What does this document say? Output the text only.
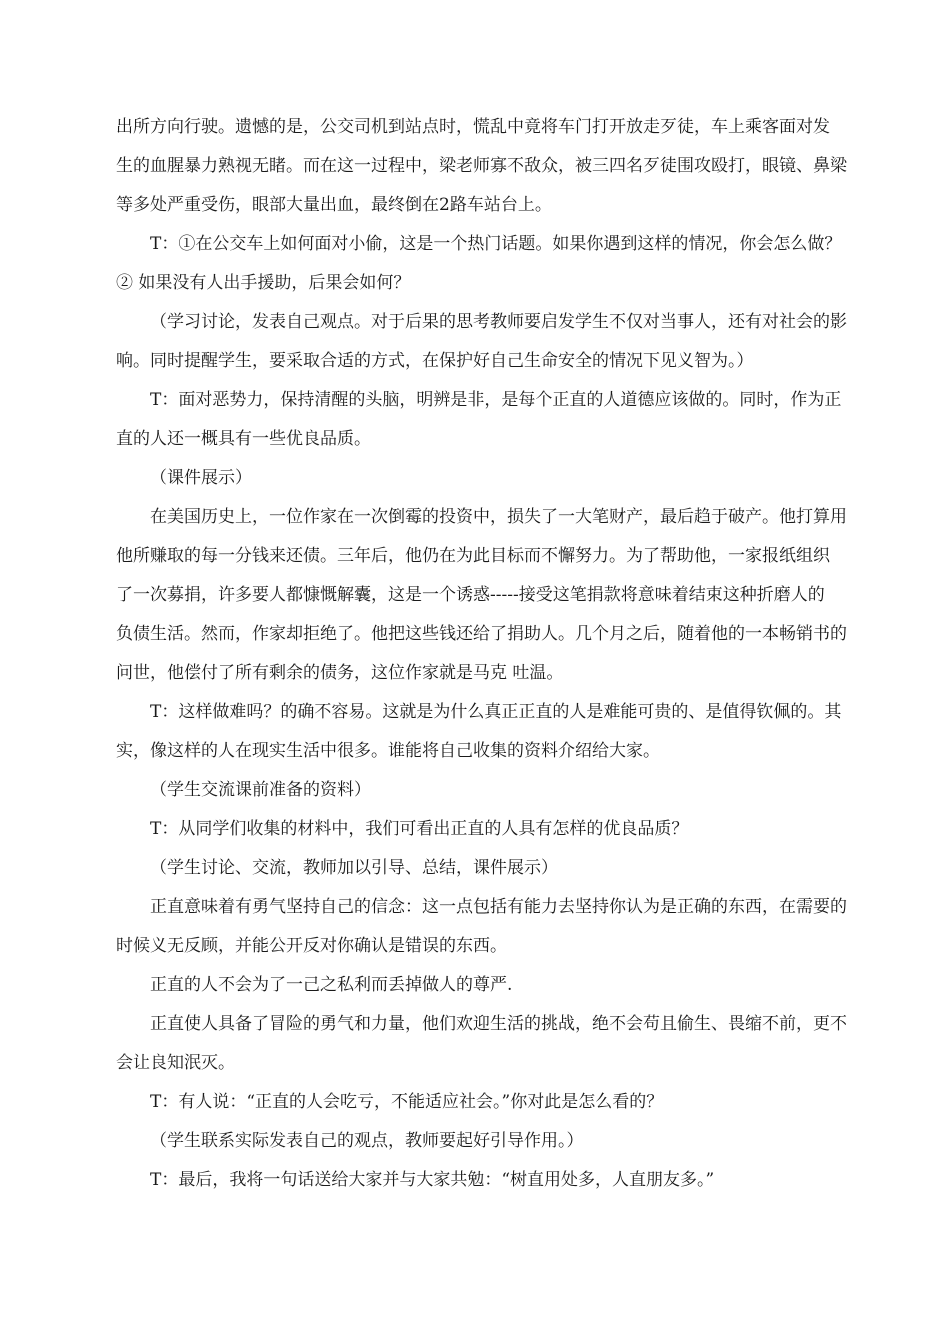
出所方向行驶。遗憾的是，公交司机到站点时，慌乱中竟将车门打开放走歹徒，车上乘客面对发
生的血腥暴力熟视无睹。而在这一过程中，梁老师寡不敌众，被三四名歹徒围攻殴打，眼镜、鼻梁
等多处严重受伤，眼部大量出血，最终倒在2路车站台上。
T：①在公交车上如何面对小偷，这是一个热门话题。如果你遇到这样的情况，你会怎么做？
② 如果没有人出手援助，后果会如何？
（学习讨论，发表自己观点。对于后果的思考教师要启发学生不仅对当事人，还有对社会的影
响。同时提醒学生，要采取合适的方式，在保护好自己生命安全的情况下见义智为。）
T：面对恶势力，保持清醒的头脑，明辨是非，是每个正直的人道德应该做的。同时，作为正
直的人还一概具有一些优良品质。
（课件展示）
在美国历史上，一位作家在一次倒霉的投资中，损失了一大笔财产，最后趋于破产。他打算用
他所赚取的每一分钱来还债。三年后，他仍在为此目标而不懈努力。为了帮助他，一家报纸组织
了一次募捐，许多要人都慷慨解囊，这是一个诱惑-----接受这笔捐款将意味着结束这种折磨人的
负债生活。然而，作家却拒绝了。他把这些钱还给了捐助人。几个月之后，随着他的一本畅销书的
问世，他偿付了所有剩余的债务，这位作家就是马克 吐温。
T：这样做难吗？的确不容易。这就是为什么真正正直的人是难能可贵的、是值得钦佩的。其
实，像这样的人在现实生活中很多。谁能将自己收集的资料介绍给大家。
（学生交流课前准备的资料）
T：从同学们收集的材料中，我们可看出正直的人具有怎样的优良品质？
（学生讨论、交流，教师加以引导、总结，课件展示）
正直意味着有勇气坚持自己的信念：这一点包括有能力去坚持你认为是正确的东西，在需要的
时候义无反顾，并能公开反对你确认是错误的东西。
正直的人不会为了一己之私利而丢掉做人的尊严.
正直使人具备了冒险的勇气和力量，他们欢迎生活的挑战，绝不会苟且偷生、畏缩不前，更不
会让良知泯灭。
T：有人说：“正直的人会吃亏，不能适应社会。”你对此是怎么看的？
（学生联系实际发表自己的观点，教师要起好引导作用。）
T：最后，我将一句话送给大家并与大家共勉：“树直用处多，人直朋友多。”
